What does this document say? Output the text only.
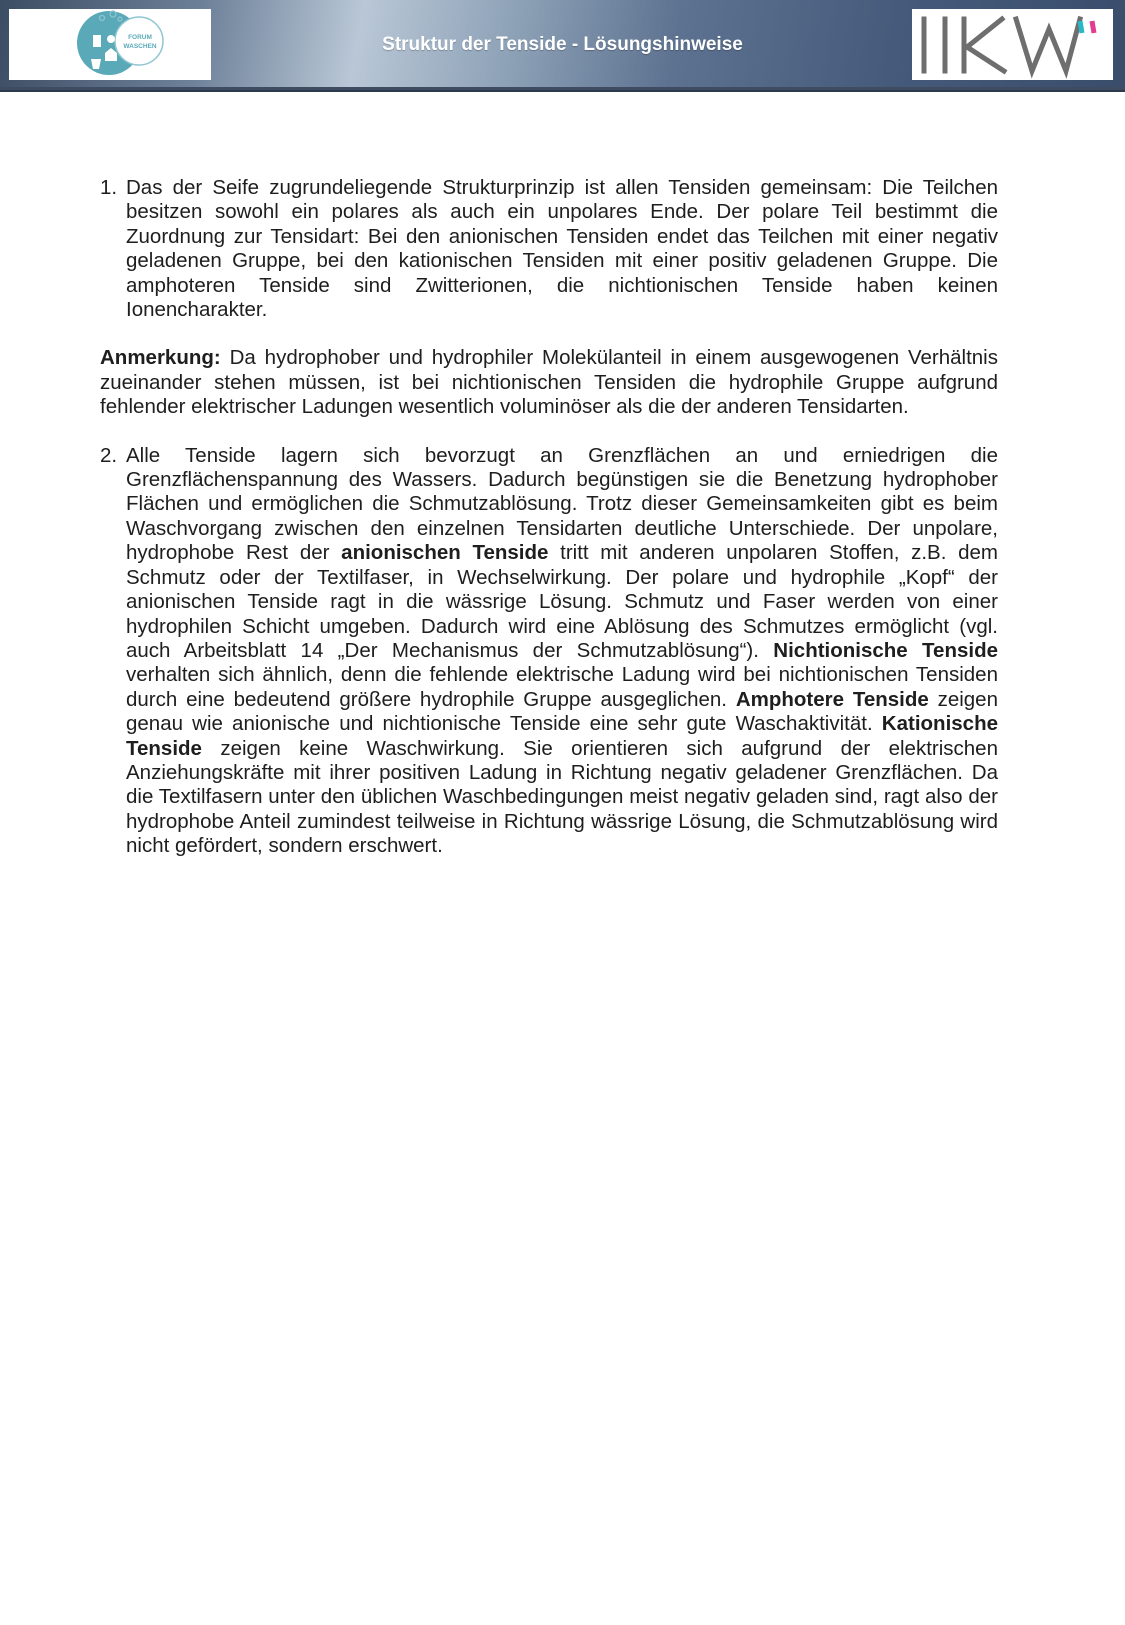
FORUM
WASCHEN	Struktur der Tenside - Lösungshinweise
1. Das der Seife zugrundeliegende Strukturprinzip ist allen Tensiden gemeinsam: Die Teilchen besitzen sowohl ein polares als auch ein unpolares Ende. Der polare Teil bestimmt die Zuordnung zur Tensidart: Bei den anionischen Tensiden endet das Teilchen mit einer negativ geladenen Gruppe, bei den kationischen Tensiden mit einer positiv geladenen Gruppe. Die amphoteren Tenside sind Zwitterionen, die nichtionischen Tenside haben keinen Ionencharakter.

Anmerkung: Da hydrophober und hydrophiler Molekülanteil in einem ausgewogenen Verhältnis zueinander stehen müssen, ist bei nichtionischen Tensiden die hydrophile Gruppe aufgrund fehlender elektrischer Ladungen wesentlich voluminöser als die der anderen Tensidarten.

2. Alle Tenside lagern sich bevorzugt an Grenzflächen an und erniedrigen die Grenzflächenspannung des Wassers. Dadurch begünstigen sie die Benetzung hydrophober Flächen und ermöglichen die Schmutzablösung. Trotz dieser Gemeinsamkeiten gibt es beim Waschvorgang zwischen den einzelnen Tensidarten deutliche Unterschiede. Der unpolare, hydrophobe Rest der anionischen Tenside tritt mit anderen unpolaren Stoffen, z.B. dem Schmutz oder der Textilfaser, in Wechselwirkung. Der polare und hydrophile „Kopf“ der anionischen Tenside ragt in die wässrige Lösung. Schmutz und Faser werden von einer hydrophilen Schicht umgeben. Dadurch wird eine Ablösung des Schmutzes ermöglicht (vgl. auch Arbeitsblatt 14 „Der Mechanismus der Schmutzablösung“). Nichtionische Tenside verhalten sich ähnlich, denn die fehlende elektrische Ladung wird bei nichtionischen Tensiden durch eine bedeutend größere hydrophile Gruppe ausgeglichen. Amphotere Tenside zeigen genau wie anionische und nichtionische Tenside eine sehr gute Waschaktivität. Kationische Tenside zeigen keine Waschwirkung. Sie orientieren sich aufgrund der elektrischen Anziehungskräfte mit ihrer positiven Ladung in Richtung negativ geladener Grenzflächen. Da die Textilfasern unter den üblichen Waschbedingungen meist negativ geladen sind, ragt also der hydrophobe Anteil zumindest teilweise in Richtung wässrige Lösung, die Schmutzablösung wird nicht gefördert, sondern erschwert.
